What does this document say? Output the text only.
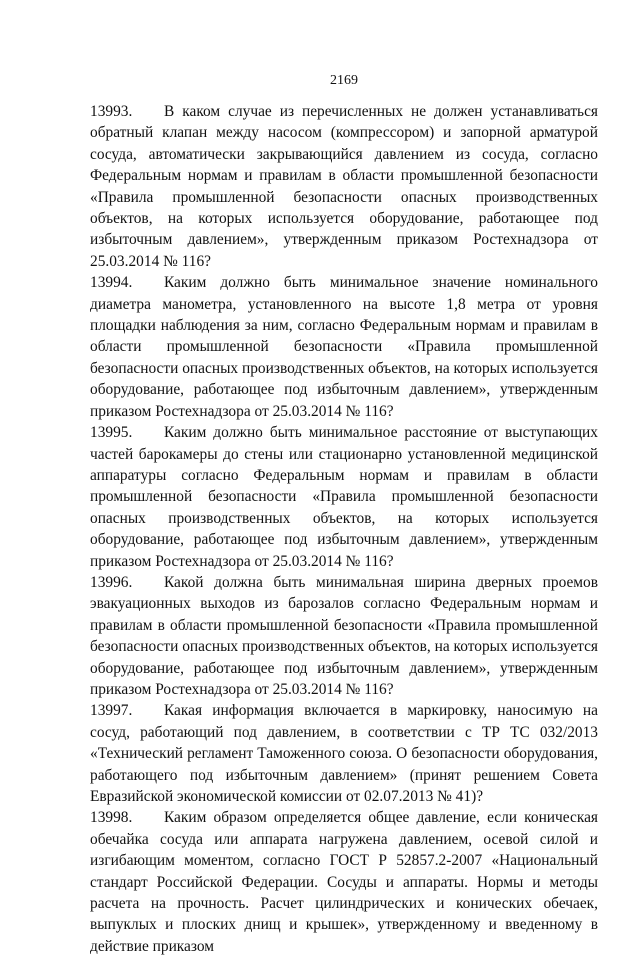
2169

13993. В каком случае из перечисленных не должен устанавливаться обратный клапан между насосом (компрессором) и запорной арматурой сосуда, автоматически закрывающийся давлением из сосуда, согласно Федеральным нормам и правилам в области промышленной безопасности «Правила промышленной безопасности опасных производственных объектов, на которых используется оборудование, работающее под избыточным давлением», утвержденным приказом Ростехнадзора от 25.03.2014 № 116?

13994. Каким должно быть минимальное значение номинального диаметра манометра, установленного на высоте 1,8 метра от уровня площадки наблюдения за ним, согласно Федеральным нормам и правилам в области промышленной безопасности «Правила промышленной безопасности опасных производственных объектов, на которых используется оборудование, работающее под избыточным давлением», утвержденным приказом Ростехнадзора от 25.03.2014 № 116?

13995. Каким должно быть минимальное расстояние от выступающих частей барокамеры до стены или стационарно установленной медицинской аппаратуры согласно Федеральным нормам и правилам в области промышленной безопасности «Правила промышленной безопасности опасных производственных объектов, на которых используется оборудование, работающее под избыточным давлением», утвержденным приказом Ростехнадзора от 25.03.2014 № 116?

13996. Какой должна быть минимальная ширина дверных проемов эвакуационных выходов из барозалов согласно Федеральным нормам и правилам в области промышленной безопасности «Правила промышленной безопасности опасных производственных объектов, на которых используется оборудование, работающее под избыточным давлением», утвержденным приказом Ростехнадзора от 25.03.2014 № 116?

13997. Какая информация включается в маркировку, наносимую на сосуд, работающий под давлением, в соответствии с ТР ТС 032/2013 «Технический регламент Таможенного союза. О безопасности оборудования, работающего под избыточным давлением» (принят решением Совета Евразийской экономической комиссии от 02.07.2013 № 41)?

13998. Каким образом определяется общее давление, если коническая обечайка сосуда или аппарата нагружена давлением, осевой силой и изгибающим моментом, согласно ГОСТ Р 52857.2-2007 «Национальный стандарт Российской Федерации. Сосуды и аппараты. Нормы и методы расчета на прочность. Расчет цилиндрических и конических обечаек, выпуклых и плоских днищ и крышек», утвержденному и введенному в действие приказом
